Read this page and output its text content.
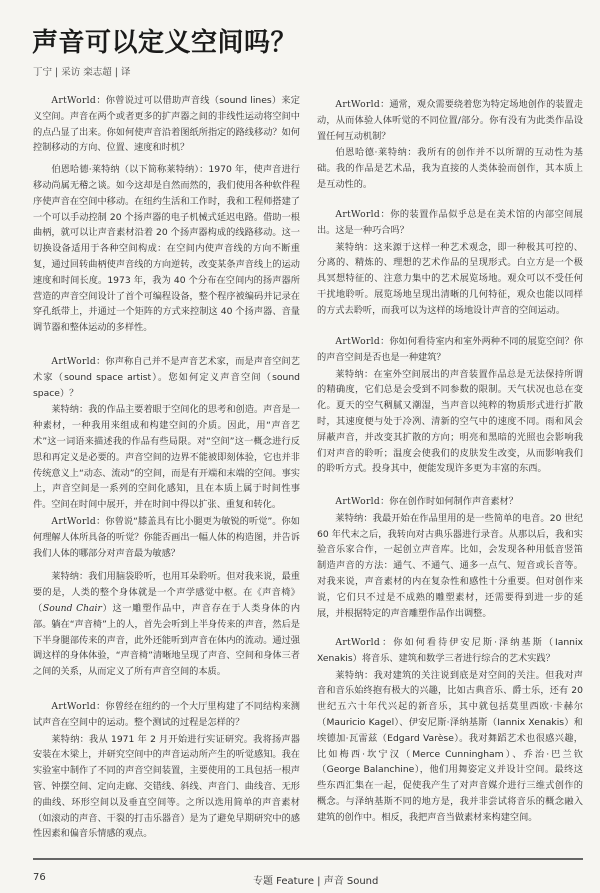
声音可以定义空间吗？
丁宁 | 采访 栾志超 | 译

ArtWorld：你曾说过可以借助声音线（sound lines）来定义空间。声音在两个或者更多的扩声器之间的非线性运动将空间中的点凸显了出来。你如何使声音沿着图纸所指定的路线移动？如何控制移动的方向、位置、速度和时机？

伯恩哈德·莱特纳（以下简称莱特纳）：1970 年，使声音进行移动尚属无稽之谈。如今这却是自然而然的，我们使用各种软件程序使声音在空间中移动。在纽约生活和工作时，我和工程师搭建了一个可以手动控制 20 个扬声器的电子机械式延迟电路。借助一根曲柄，就可以让声音素材沿着 20 个扬声器构成的线路移动。这一切换设备适用于各种空间构成：在空间内使声音线的方向不断重复，通过回转曲柄使声音线的方向逆转，改变某条声音线上的运动速度和时间长度。1973 年，我为 40 个分布在空间内的扬声器所营造的声音空间设计了首个可编程设备，整个程序被编码并记录在穿孔纸带上，并通过一个矩阵的方式来控制这 40 个扬声器、音量调节器和整体运动的多样性。

ArtWorld：你声称自己并不是声音艺术家，而是声音空间艺术家（sound space artist）。您如何定义声音空间（sound space）？

莱特纳：我的作品主要着眼于空间化的思考和创造。声音是一种素材，一种我用来组成和构建空间的介质。因此，用“声音艺术”这一词语来描述我的作品有些局限。对“空间”这一概念进行反思和再定义是必要的。声音空间的边界不能被即刻体验，它也并非传统意义上“动态、流动”的空间，而是有开端和末端的空间。事实上，声音空间是一系列的空间化感知，且在本质上属于时间性事件。空间在时间中展开，并在时间中得以扩张、重复和转化。

ArtWorld：你曾说“膝盖具有比小腿更为敏锐的听觉”。你如何理解人体所具备的听觉？你能否画出一幅人体的构造图，并告诉我们人体的哪部分对声音最为敏感？

莱特纳：我们用脑袋聆听，也用耳朵聆听。但对我来说，最重要的是，人类的整个身体就是一个声学感觉中枢。在《声音椅》（Sound Chair）这一雕塑作品中，声音存在于人类身体的内部。躺在“声音椅”上的人，首先会听到上半身传来的声音，然后是下半身腿部传来的声音，此外还能听到声音在体内的流动。通过强调这样的身体体验，“声音椅”清晰地呈现了声音、空间和身体三者之间的关系，从而定义了所有声音空间的本质。

ArtWorld：你曾经在纽约的一个大厅里构建了不同结构来测试声音在空间中的运动。整个测试的过程是怎样的？

莱特纳：我从 1971 年 2 月开始进行实证研究。我将扬声器安装在木梁上，并研究空间中的声音运动所产生的听觉感知。我在实验室中制作了不同的声音空间装置，主要使用的工具包括一根声管、钟摆空间、定向走廊、交错线、斜线、声音门、曲线音、无形的曲线、环形空间以及垂直空间等。之所以选用简单的声音素材（如滚动的声音、干裂的打击乐器音）是为了避免早期研究中的感性因素和偏音乐情感的观点。

ArtWorld：通常，观众需要绕着您为特定场地创作的装置走动，从而体验人体听觉的不同位置/部分。你有没有为此类作品设置任何互动机制？

伯恩哈德·莱特纳：我所有的创作并不以所谓的互动性为基础。我的作品是艺术品，我为直接的人类体验而创作，其本质上是互动性的。

ArtWorld：你的装置作品似乎总是在美术馆的内部空间展出。这是一种巧合吗？

莱特纳：这来源于这样一种艺术观念，即一种极其可控的、分离的、精炼的、理想的艺术作品的呈现形式。白立方是一个极具冥想特征的、注意力集中的艺术展览场地。观众可以不受任何干扰地聆听。展览场地呈现出清晰的几何特征，观众也能以同样的方式去聆听，而我可以为这样的场地设计声音的空间运动。

ArtWorld：你如何看待室内和室外两种不同的展览空间？你的声音空间是否也是一种建筑？

莱特纳：在室外空间展出的声音装置作品总是无法保持所谓的精确度，它们总是会受到不同参数的限制。天气状况也总在变化。夏天的空气稠腻又潮湿，当声音以纯粹的物质形式进行扩散时，其速度便与处于冷冽、清新的空气中的速度不同。雨和风会屏蔽声音，并改变其扩散的方向；明亮和黑暗的光照也会影响我们对声音的聆听；温度会使我们的皮肤发生改变，从而影响我们的聆听方式。投身其中，便能发现许多更为丰富的东西。

ArtWorld：你在创作时如何制作声音素材？

莱特纳：我最开始在作品里用的是一些简单的电音。20 世纪 60 年代末之后，我转向对古典乐器进行录音。从那以后，我和实验音乐家合作，一起创立声音库。比如，会发现各种用低音竖笛制造声音的方法：通气、不通气、通多一点气、短音或长音等。对我来说，声音素材的内在复杂性和感性十分重要。但对创作来说，它们只不过是不成熟的雕塑素材，还需要得到进一步的延展，并根据特定的声音雕塑作品作出调整。

ArtWorld：你如何看待伊安尼斯·泽纳基斯（Iannix Xenakis）将音乐、建筑和数学三者进行综合的艺术实践？

莱特纳：我对建筑的关注说到底是对空间的关注。但我对声音和音乐始终抱有极大的兴趣，比如古典音乐、爵士乐，还有 20 世纪五六十年代兴起的新音乐，其中就包括莫里西欧·卡赫尔（Mauricio Kagel）、伊安尼斯·泽纳基斯（Iannix Xenakis）和埃德加·瓦雷兹（Edgard Varèse）。我对舞蹈艺术也很感兴趣，比如梅西·坎宁汉（Merce Cunningham）、乔治·巴兰钦（George Balanchine），他们用舞姿定义并设计空间。最终这些东西汇集在一起，促使我产生了对声音媒介进行三维式创作的概念。与泽纳基斯不同的地方是，我并非尝试将音乐的概念融入建筑的创作中。相反，我把声音当做素材来构建空间。

76	专题 Feature | 声音 Sound
